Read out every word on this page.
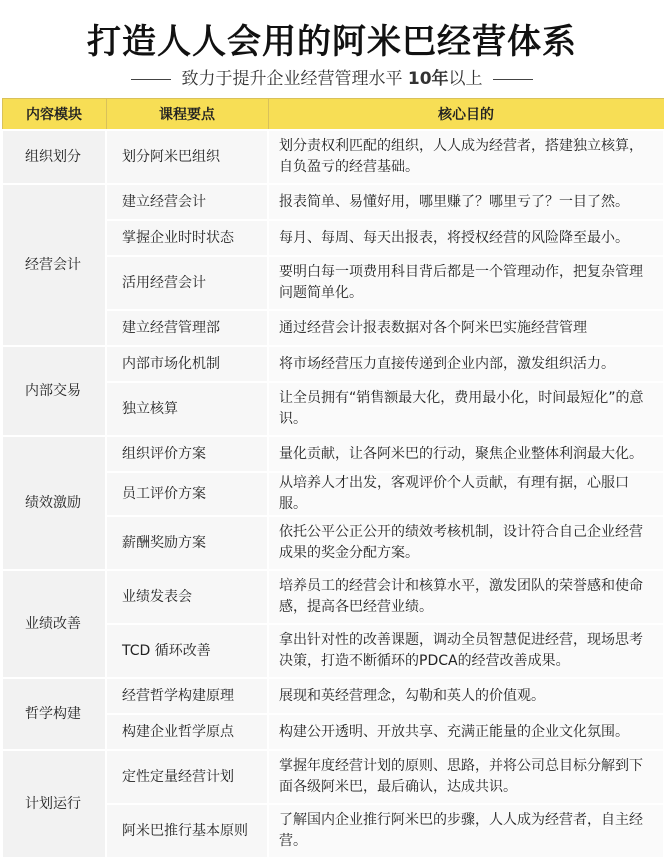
打造人人会用的阿米巴经营体系
致力于提升企业经营管理水平 10年以上
内容模块	课程要点	核心目的
组织划分	划分阿米巴组织	划分责权利匹配的组织，人人成为经营者，搭建独立核算，自负盈亏的经营基础。
经营会计	建立经营会计	报表简单、易懂好用，哪里赚了？哪里亏了？一目了然。
	掌握企业时时状态	每月、每周、每天出报表，将授权经营的风险降至最小。
	活用经营会计	要明白每一项费用科目背后都是一个管理动作，把复杂管理问题简单化。
	建立经营管理部	通过经营会计报表数据对各个阿米巴实施经营管理
内部交易	内部市场化机制	将市场经营压力直接传递到企业内部，激发组织活力。
	独立核算	让全员拥有“销售额最大化，费用最小化，时间最短化”的意识。
绩效激励	组织评价方案	量化贡献，让各阿米巴的行动，聚焦企业整体利润最大化。
	员工评价方案	从培养人才出发，客观评价个人贡献，有理有据，心服口服。
	薪酬奖励方案	依托公平公正公开的绩效考核机制，设计符合自己企业经营成果的奖金分配方案。
业绩改善	业绩发表会	培养员工的经营会计和核算水平，激发团队的荣誉感和使命感，提高各巴经营业绩。
	TCD 循环改善	拿出针对性的改善课题，调动全员智慧促进经营，现场思考决策，打造不断循环的PDCA的经营改善成果。
哲学构建	经营哲学构建原理	展现和英经营理念，勾勒和英人的价值观。
	构建企业哲学原点	构建公开透明、开放共享、充满正能量的企业文化氛围。
计划运行	定性定量经营计划	掌握年度经营计划的原则、思路，并将公司总目标分解到下面各级阿米巴，最后确认，达成共识。
	阿米巴推行基本原则	了解国内企业推行阿米巴的步骤，人人成为经营者，自主经营。
